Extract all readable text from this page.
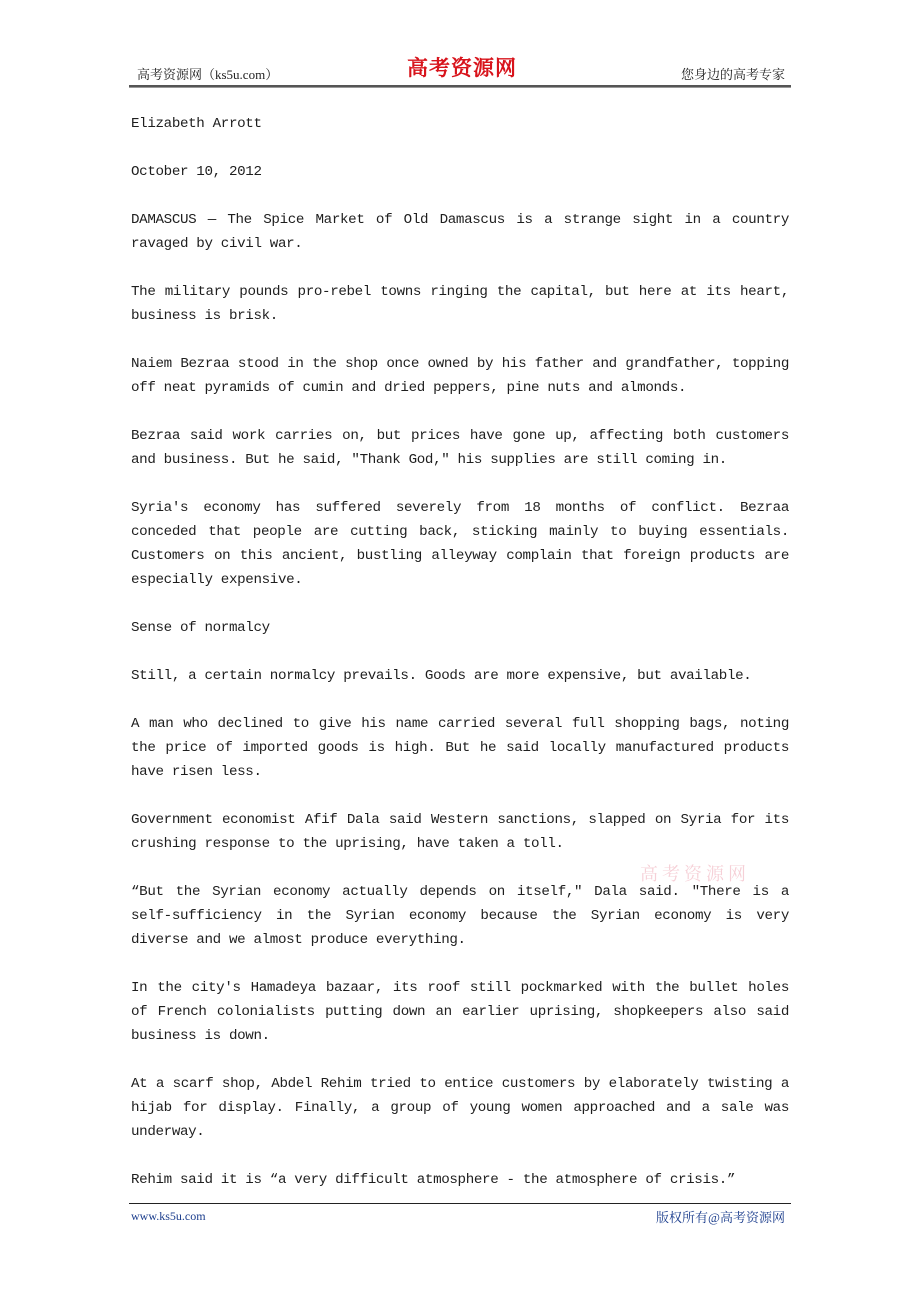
高考资源网（ks5u.com）	高考资源网	您身边的高考专家

Elizabeth Arrott

October 10, 2012

DAMASCUS — The Spice Market of Old Damascus is a strange sight in a country ravaged by civil war.

The military pounds pro-rebel towns ringing the capital, but here at its heart, business is brisk.

Naiem Bezraa stood in the shop once owned by his father and grandfather, topping off neat pyramids of cumin and dried peppers, pine nuts and almonds.

Bezraa said work carries on, but prices have gone up, affecting both customers and business. But he said, "Thank God," his supplies are still coming in.

Syria's economy has suffered severely from 18 months of conflict. Bezraa conceded that people are cutting back, sticking mainly to buying essentials. Customers on this ancient, bustling alleyway complain that foreign products are especially expensive.

Sense of normalcy

Still, a certain normalcy prevails. Goods are more expensive, but available.

A man who declined to give his name carried several full shopping bags, noting the price of imported goods is high. But he said locally manufactured products have risen less.

Government economist Afif Dala said Western sanctions, slapped on Syria for its crushing response to the uprising, have taken a toll.

“But the Syrian economy actually depends on itself," Dala said. "There is a self-sufficiency in the Syrian economy because the Syrian economy is very diverse and we almost produce everything.

In the city's Hamadeya bazaar, its roof still pockmarked with the bullet holes of French colonialists putting down an earlier uprising, shopkeepers also said business is down.

At a scarf shop, Abdel Rehim tried to entice customers by elaborately twisting a hijab for display. Finally, a group of young women approached and a sale was underway.

Rehim said it is “a very difficult atmosphere - the atmosphere of crisis.”

高考资源网
www.ks5u.com	版权所有@高考资源网
